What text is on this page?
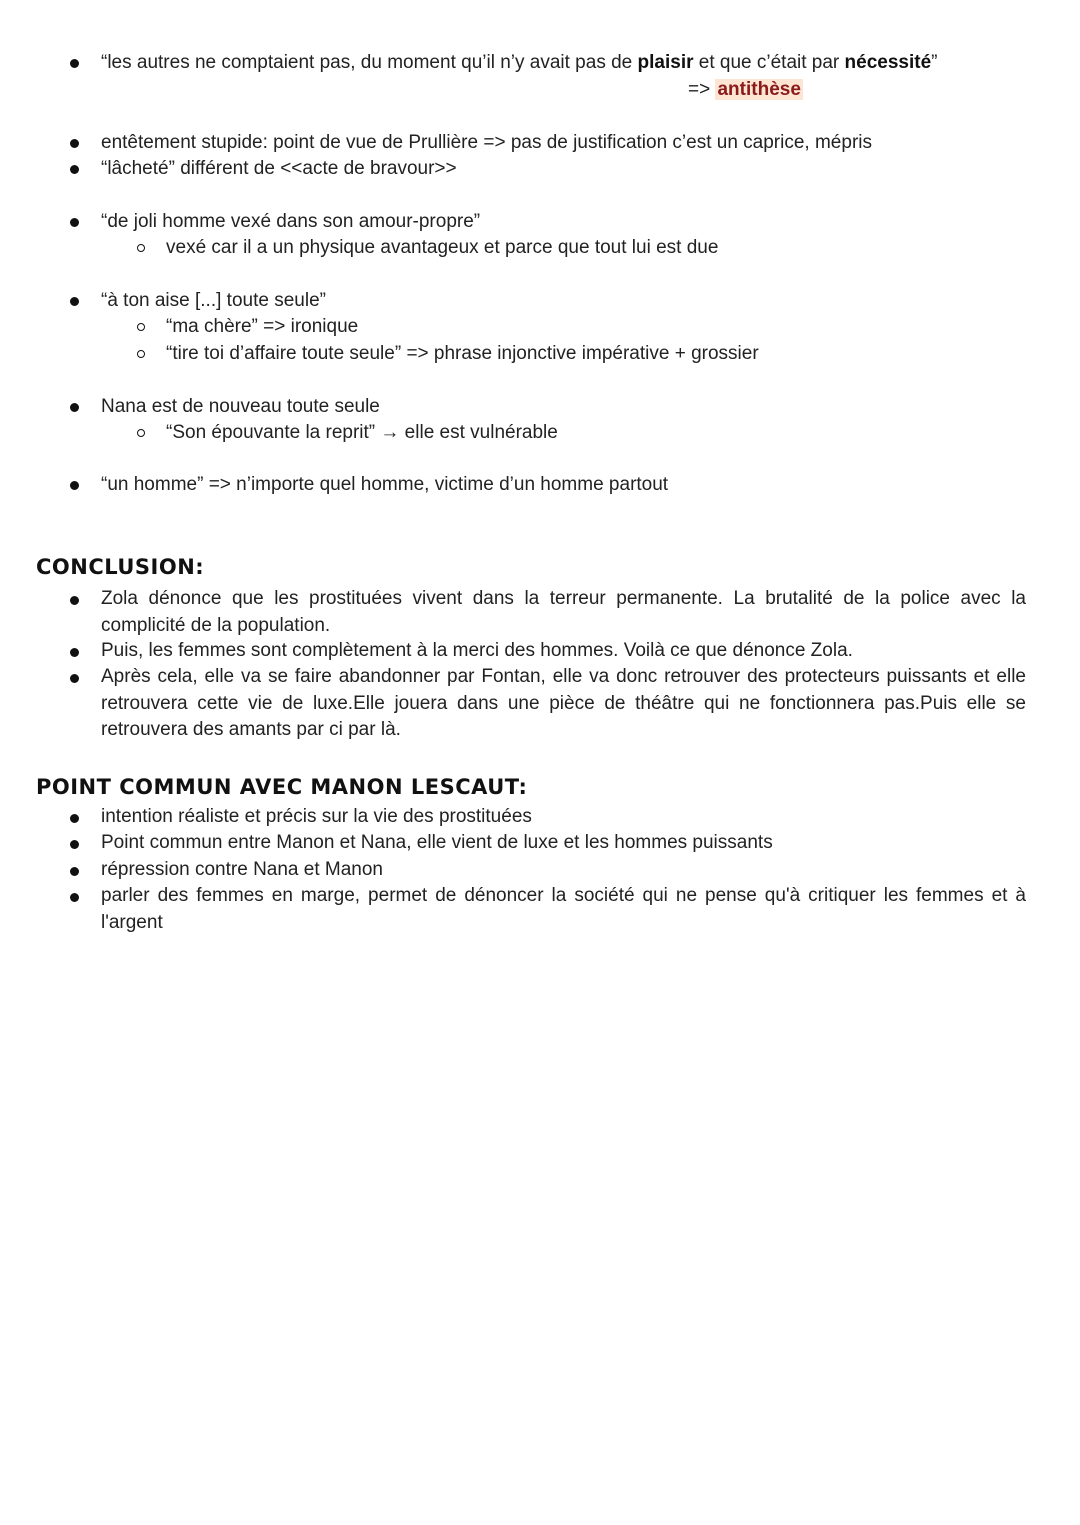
“les autres ne comptaient pas, du moment qu’il n’y avait pas de plaisir et que c’était par nécessité”
=> antithèse
entêtement stupide: point de vue de Prullière => pas de justification c’est un caprice, mépris
“lâcheté” différent de <<acte de bravour>>
“de joli homme vexé dans son amour-propre”
vexé car il a un physique avantageux et parce que tout lui est due
“à ton aise [...] toute seule”
“ma chère” => ironique
“tire toi d’affaire toute seule” => phrase injonctive impérative + grossier
Nana est de nouveau toute seule
“Son épouvante la reprit” → elle est vulnérable
“un homme” => n’importe quel homme, victime d’un homme partout
CONCLUSION:
Zola dénonce que les prostituées vivent dans la terreur permanente. La brutalité de la police avec la complicité de la population.
Puis, les femmes sont complètement à la merci des hommes. Voilà ce que dénonce Zola.
Après cela, elle va se faire abandonner par Fontan, elle va donc retrouver des protecteurs puissants et elle retrouvera cette vie de luxe.Elle jouera dans une pièce de théâtre qui ne fonctionnera pas.Puis elle se retrouvera des amants par ci par là.
POINT COMMUN AVEC MANON LESCAUT:
intention réaliste et précis sur la vie des prostituées
Point commun entre Manon et Nana, elle vient de luxe et les hommes puissants
répression contre Nana et Manon
parler des femmes en marge, permet de dénoncer la société qui ne pense qu'à critiquer les femmes et à l'argent
